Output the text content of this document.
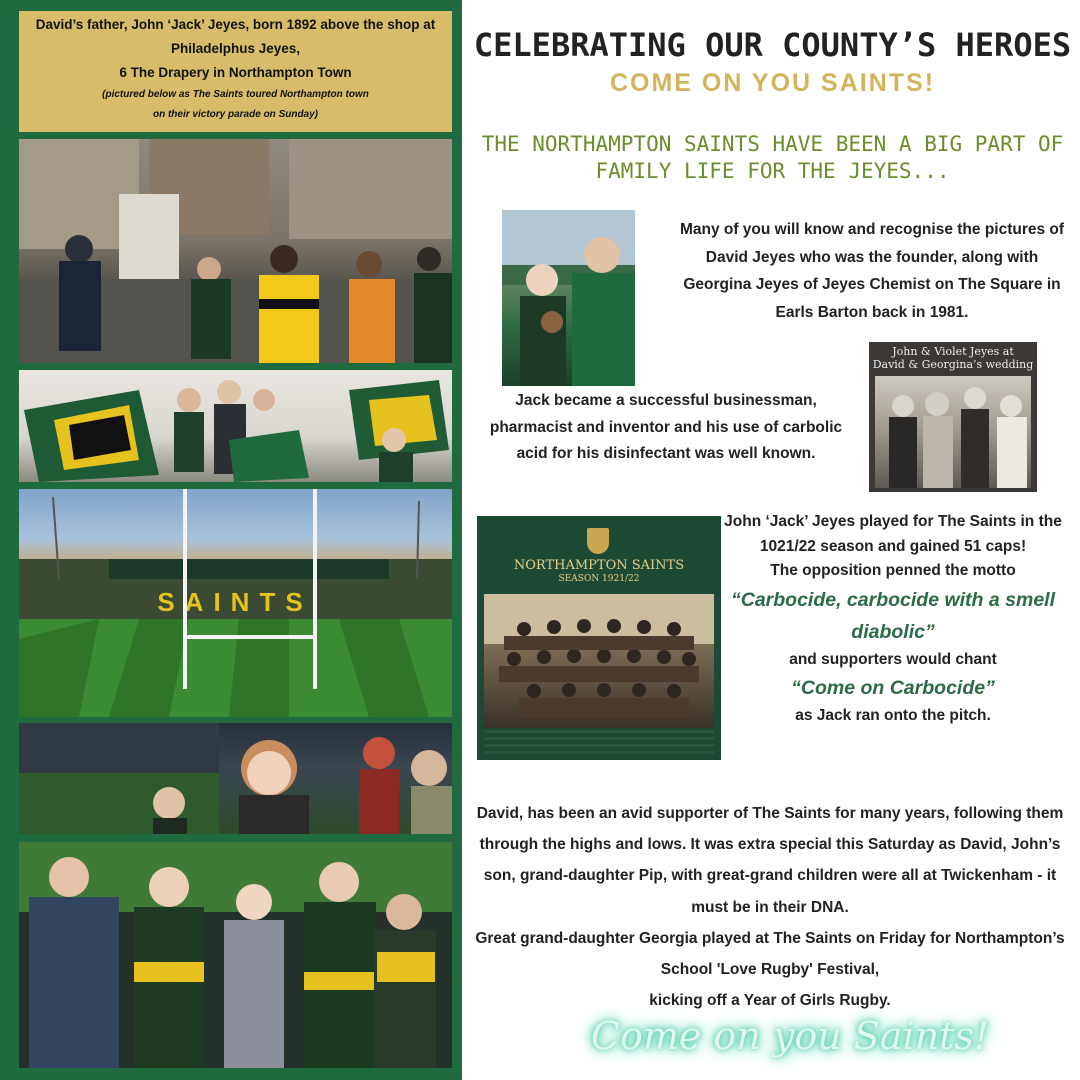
David’s father, John ‘Jack’ Jeyes, born 1892 above the shop at
Philadelphus Jeyes,
6 The Drapery in Northampton Town
(pictured below as The Saints toured Northampton town
on their victory parade on Sunday)
SAINTS
CELEBRATING OUR COUNTY’S HEROES
COME ON YOU SAINTS!
THE NORTHAMPTON SAINTS HAVE BEEN A BIG PART OF FAMILY LIFE FOR THE JEYES...
John & Violet Jeyes at
David & Georgina’s wedding
NORTHAMPTON SAINTS
SEASON 1921/22
Many of you will know and recognise the pictures of David Jeyes who was the founder, along with Georgina Jeyes of Jeyes Chemist on The Square in Earls Barton back in 1981.
Jack became a successful businessman, pharmacist and inventor and his use of carbolic acid for his disinfectant was well known.
John ‘Jack’ Jeyes played for The Saints in the 1021/22 season and gained 51 caps!
The opposition penned the motto
“Carbocide, carbocide with a smell diabolic”
and supporters would chant
“Come on Carbocide”
as Jack ran onto the pitch.
David, has been an avid supporter of The Saints for many years, following them through the highs and lows. It was extra special this Saturday as David, John’s son, grand-daughter Pip, with great-grand children were all at Twickenham - it must be in their DNA.
Great grand-daughter Georgia played at The Saints on Friday for Northampton’s School 'Love Rugby' Festival,
kicking off a Year of Girls Rugby.
Come on you Saints!
